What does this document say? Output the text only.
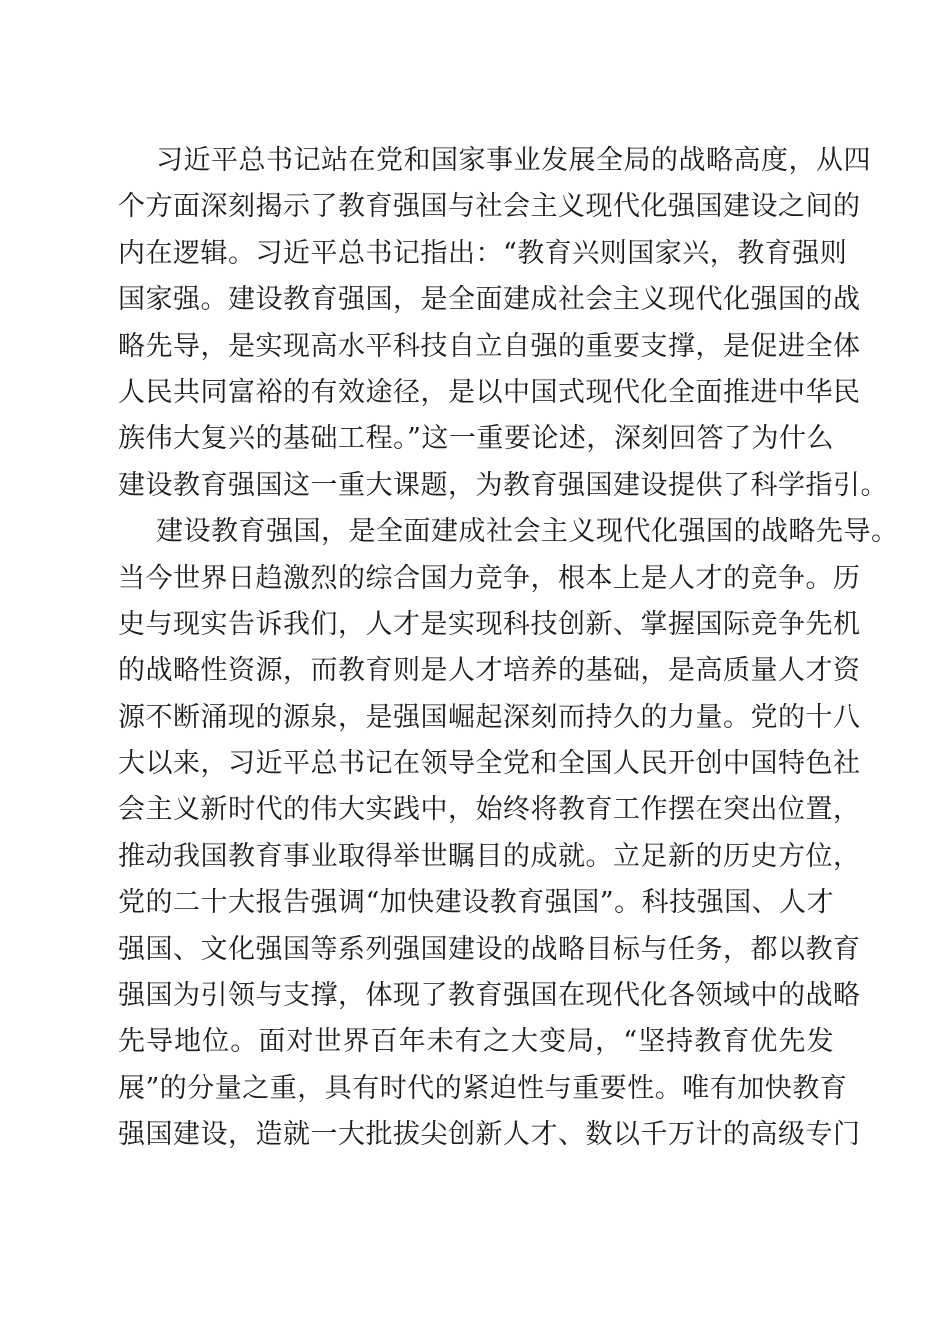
习近平总书记站在党和国家事业发展全局的战略高度，从四
个方面深刻揭示了教育强国与社会主义现代化强国建设之间的
内在逻辑。习近平总书记指出：“教育兴则国家兴，教育强则
国家强。建设教育强国，是全面建成社会主义现代化强国的战
略先导，是实现高水平科技自立自强的重要支撑，是促进全体
人民共同富裕的有效途径，是以中国式现代化全面推进中华民
族伟大复兴的基础工程。”这一重要论述，深刻回答了为什么
建设教育强国这一重大课题，为教育强国建设提供了科学指引。
建设教育强国，是全面建成社会主义现代化强国的战略先导。
当今世界日趋激烈的综合国力竞争，根本上是人才的竞争。历
史与现实告诉我们，人才是实现科技创新、掌握国际竞争先机
的战略性资源，而教育则是人才培养的基础，是高质量人才资
源不断涌现的源泉，是强国崛起深刻而持久的力量。党的十八
大以来，习近平总书记在领导全党和全国人民开创中国特色社
会主义新时代的伟大实践中，始终将教育工作摆在突出位置，
推动我国教育事业取得举世瞩目的成就。立足新的历史方位，
党的二十大报告强调“加快建设教育强国”。科技强国、人才
强国、文化强国等系列强国建设的战略目标与任务，都以教育
强国为引领与支撑，体现了教育强国在现代化各领域中的战略
先导地位。面对世界百年未有之大变局，“坚持教育优先发
展”的分量之重，具有时代的紧迫性与重要性。唯有加快教育
强国建设，造就一大批拔尖创新人才、数以千万计的高级专门
